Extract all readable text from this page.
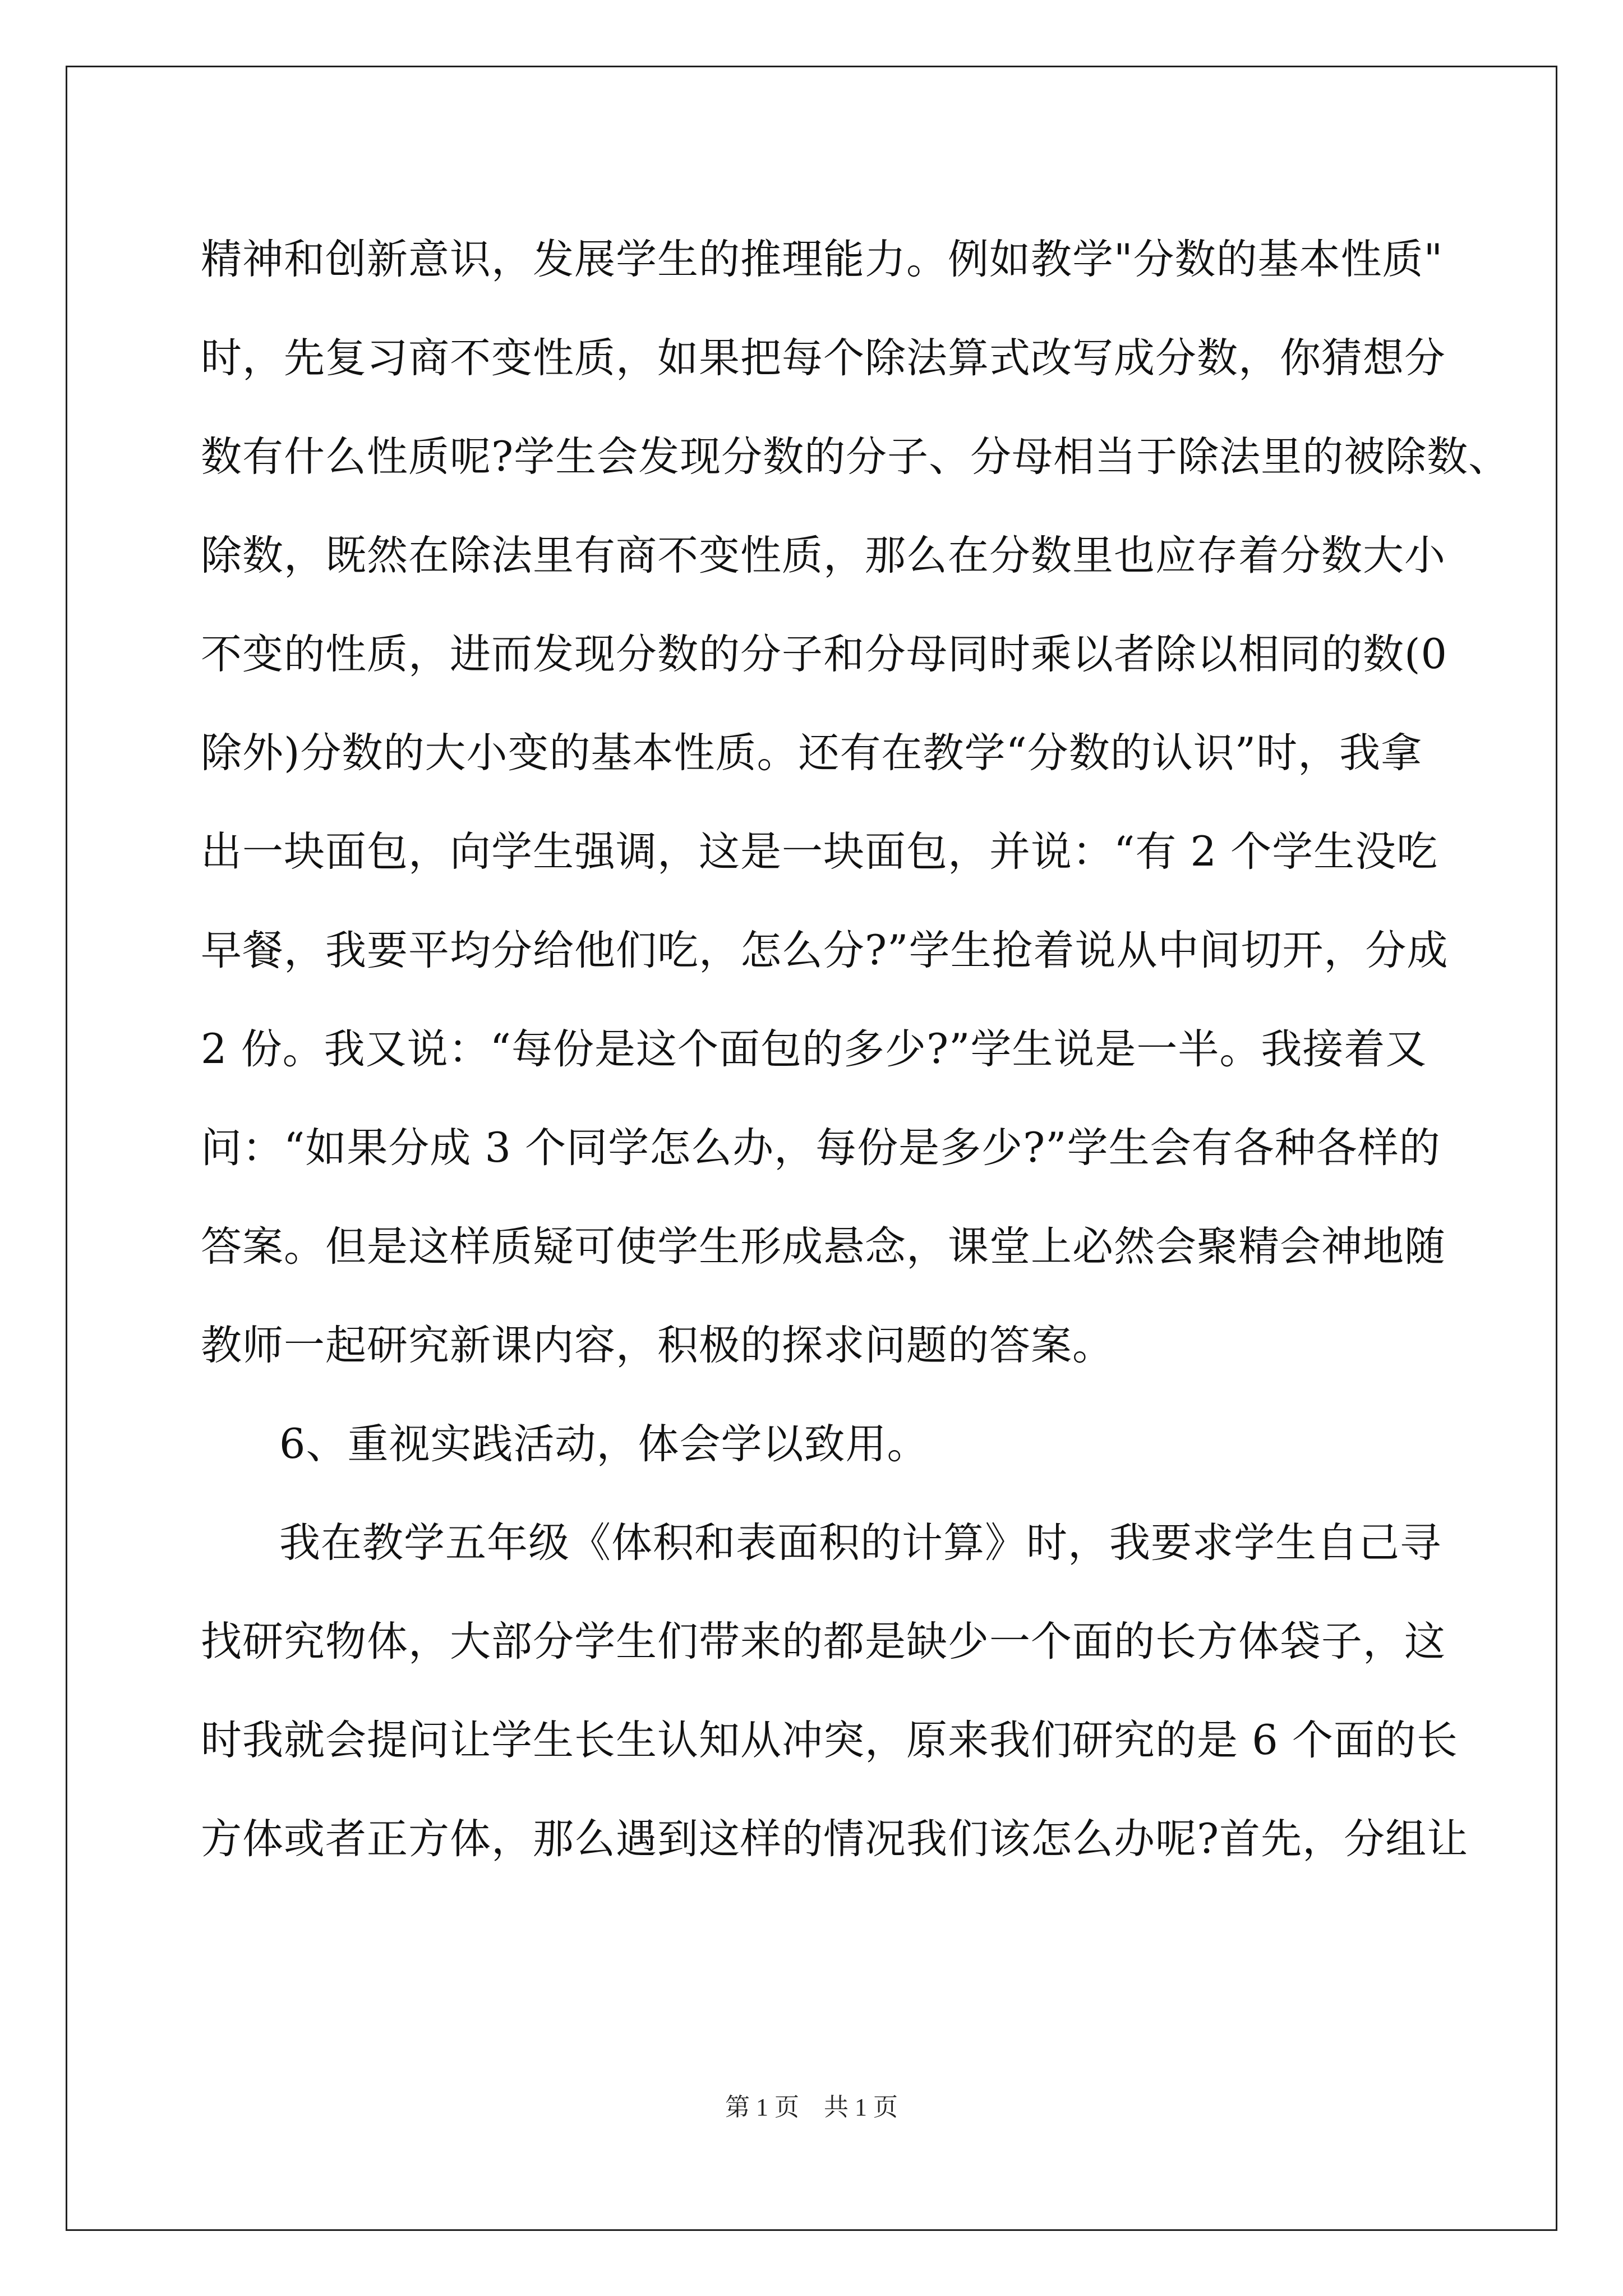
精神和创新意识，发展学生的推理能力。例如教学"分数的基本性质"
时，先复习商不变性质，如果把每个除法算式改写成分数，你猜想分
数有什么性质呢?学生会发现分数的分子、分母相当于除法里的被除数、
除数，既然在除法里有商不变性质，那么在分数里也应存着分数大小
不变的性质，进而发现分数的分子和分母同时乘以者除以相同的数(0
除外)分数的大小变的基本性质。还有在教学“分数的认识”时，我拿
出一块面包，向学生强调，这是一块面包，并说：“有 2 个学生没吃
早餐，我要平均分给他们吃，怎么分?”学生抢着说从中间切开，分成
2 份。我又说：“每份是这个面包的多少?”学生说是一半。我接着又
问：“如果分成 3 个同学怎么办，每份是多少?”学生会有各种各样的
答案。但是这样质疑可使学生形成悬念，课堂上必然会聚精会神地随
教师一起研究新课内容，积极的探求问题的答案。
6、重视实践活动，体会学以致用。
我在教学五年级《体积和表面积的计算》时，我要求学生自己寻
找研究物体，大部分学生们带来的都是缺少一个面的长方体袋子，这
时我就会提问让学生长生认知从冲突，原来我们研究的是 6 个面的长
方体或者正方体，那么遇到这样的情况我们该怎么办呢?首先，分组让
第 1 页　共 1 页
